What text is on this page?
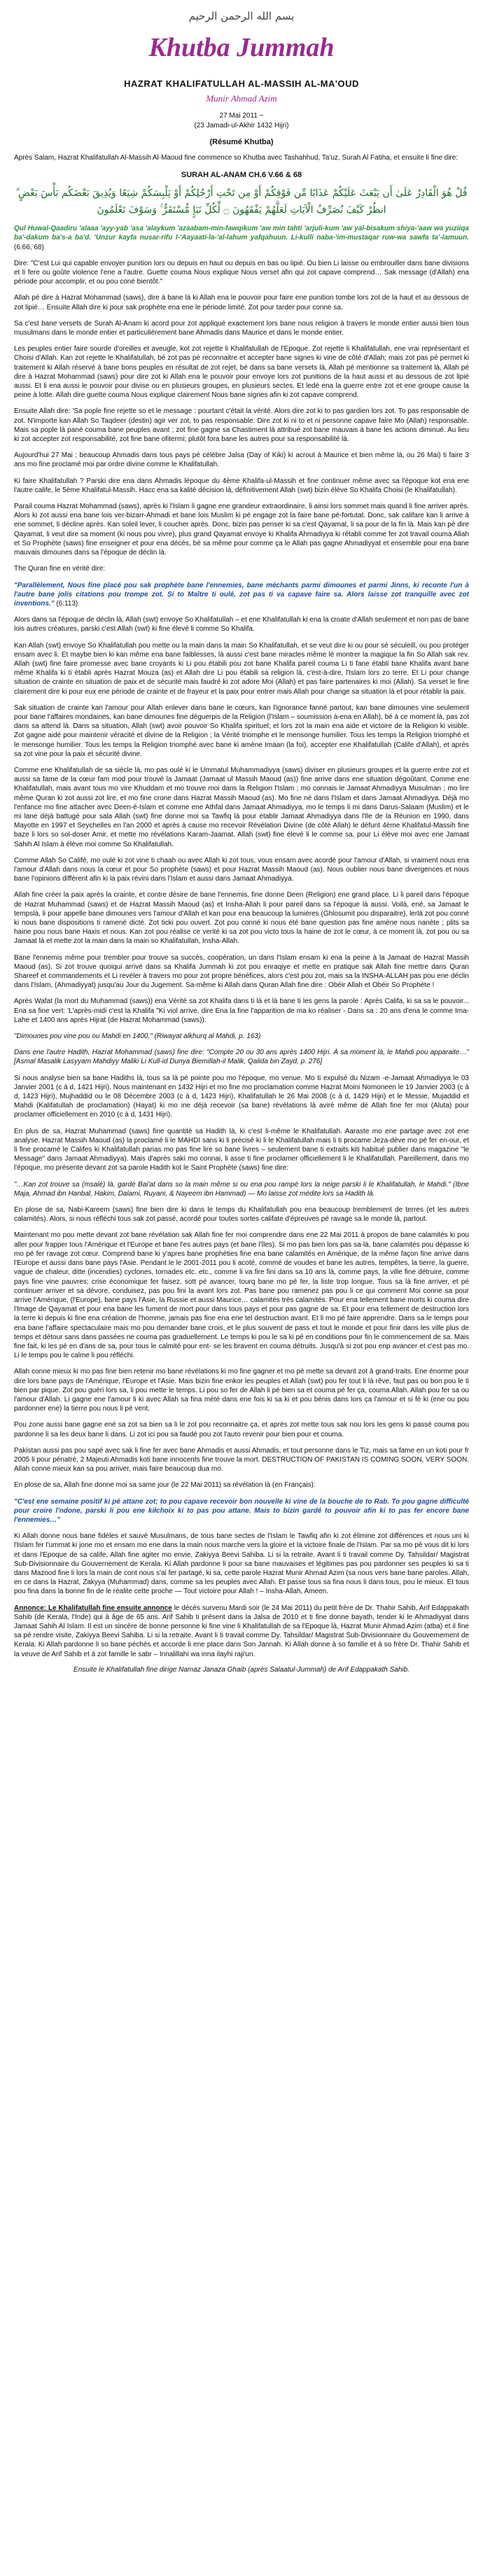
بسم الله الرحمن الرحيم
Khutba Jummah
HAZRAT KHALIFATULLAH AL-MASSIH AL-MA'OUD
Munir Ahmad Azim
27 Mai 2011 ~
(23 Jamadi-ul-Akhir 1432 Hijri)
(Résumé Khutba)

Après Salam, Hazrat Khalifatullah Al-Massih Al-Maoud fine commence so Khutba avec Tashahhud, Ta'uz, Surah Al Fatiha, et ensuite li fine dire:

SURAH AL-ANAM CH.6 V.66 & 68
قُلْ هُوَ الْقَادِرُ عَلَىٰ أَن يَبْعَثَ عَلَيْكُمْ عَذَابًا مِّن فَوْقِكُمْ أَوْ مِن تَحْتِ أَرْجُلِكُمْ أَوْ يَلْبِسَكُمْ شِيَعًا وَيُذِيقَ بَعْضَكُم بَأْسَ بَعْضٍ ۗ انظُرْ كَيْفَ نُصَرِّفُ الْآيَاتِ لَعَلَّهُمْ يَفْقَهُونَ ۝ لِّكُلِّ نَبَإٍ مُّسْتَقَرٌّ ۚ وَسَوْفَ تَعْلَمُونَ

Qul Huwal-Qaadiru 'alaaa 'ayy-yab 'asa 'alaykum 'azaabam-min-fawqikum 'aw min tahti 'arjuli-kum 'aw yal-bisakum shiya-'aaw wa yuziiqa ba'-dakum ba's-a ba'd. 'Unzur kayfa nusar-rifu l-'Aayaati-la-'al-lahum yafqahuun. Li-kulli naba-'im-mustaqar ruw-wa sawfa ta'-lamuun. (6:66, 68)

Dire: "C'est Lui qui capable envoyer punition lors ou depuis en haut ou depuis en bas ou lipié. Ou bien Li laisse ou embrouiller dans bane divisions et li fere ou goûte violence l'ene a l'autre. Guette couma Nous explique Nous verset afin qui zot capave comprend… Sak message (d'Allah) ena période pour accomplir, et ou pou coné bientôt."

Allah pé dire à Hazrat Mohammad (saws), dire à bane là ki Allah ena le pouvoir pour faire ene punition tombe lors zot de la haut et au dessous de zot lipié… Ensuite Allah dire ki pour sak prophète ena ene le période limité. Zot pour tarder pour conne sa.

Sa c'est bane versets de Surah Al-Anam ki acord pour zot appliqué exactement lors bane nous religion à travers le monde entier aussi bien tous musulmans dans le monde entier et particulièrement bane Ahmadis dans Maurice et dans le monde entier.

Les peuples entier faire sourde d'oreilles et aveugle, kot zot rejette li Khalifatullah de l'Epoque. Zot rejette li Khalifatullah, ene vrai représentant et Choisi d'Allah. Kan zot rejette le Khalifatullah, bé zot pas pé reconnaitre et accepter bane signes ki vine de côté d'Allah; mais zot pas pé permet ki traitement ki Allah réservé à bane bons peuples en résultat de zot rejet, bé dans sa bane versets là, Allah pé mentionne sa traitement là, Allah pé dire à Hazrat Mohammad (saws) pour dire zot ki Allah ena le pouvoir pour envoye lors zot punitions de la haut aussi et au dessous de zot lipié aussi. Et li ena aussi le pouvoir pour divise ou en plusieurs groupes, en plusieurs sectes. Et ledé ena la guerre entre zot et ene groupe cause la peine à lotte. Allah dire guette couma Nous explique clairement Nous bane signes afin ki zot capave comprend.

Ensuite Allah dire: 'Sa pople fine rejette so et le message : pourtant c'était la vérité. Alors dire zot ki to pas gardien lors zot. To pas responsable de zot. N'importe kan Allah So Taqdeer (destin) agir ver zot, to pas responsable. Dire zot ki ni to et ni personne capave faire Mo (Allah) responsable. Mais sa pople là pané couma bane peuples avant ; zot fine gagne sa Chastiment là attribué zot bane mauvais à bane les actions diminué. Au lieu ki zot accepter zot responsabilité, zot fine bane ofitermi; plutôt fora bane les autres pour sa responsabilité là.

Aujourd'hui 27 Mai ; beaucoup Ahmadis dans tous pays pé célèbre Jalsa (Day of Kiki) ki acrout à Maurice et bien même là, ou 26 Mai) ti faire 3 ans mo fine proclamé moi par ordre divine comme le Khalifatullah.

Ki faire Khalifatullah ? Parski dire ena dans Ahmadis lépoque du 4ème Khalifa-ul-Massih et fine continuer même avec sa l'époque kot ena ene l'autre calife, le 5ème Khalifatul-Massih. Hacc ena sa kalité décision là, définitivement Allah (swt) bizin élève So Khalifa Choisi (le Khalifatullah).

Parail couma Hazrat Mohammad (saws), après ki l'Islam li gagne ene grandeur extraordinaire, li ainsi lors sommet mais quand li fine arriver après. Alors ki zot aussi ena bane lois ver-bizarr-Ahmadi et bane lois Muslim ki pé engage zot la faire bane pé-fortutat. Donc, sak califare kan li arrive à ene sommet, li décline après. Kan soleil lever, li coucher après. Donc, bizin pas penser ki sa c'est Qayamat, li sa pour de la fin là. Mais kan pé dire Qayamat, li veut dire sa moment (ki nous pou vivre), plus grand Qayamat envoye ki Khalifa Ahmadiyya ki rétabli comme fer zot travail couma Allah et So Prophète (saws) fine enseigner et pour ena décès, bé sa même pour comme ça le Allah pas gagne Ahmadiyyat et ensemble pour ena bane mauvais dimounes dans sa l'époque de déclin là.

The Quran fine en vérité dire:

"Parallèlement, Nous fine placé pou sak prophète bane l'ennemies, bane méchants parmi dimounes et parmi Jinns, ki reconte l'un à l'autre bane jolis citations pou trompe zot. Si to Maître ti oulé, zot pas ti va capave faire sa. Alors laisse zot tranquille avec zot inventions." (6:113)

Alors dans sa l'époque de déclin là, Allah (swt) envoye So Khalifatullah – et ene Khalifatullah ki ena la croate d'Allah seulement et non pas de bane lois autres créatures, parski c'est Allah (swt) ki fine élevé li comme So Khalifa.

Kan Allah (swt) envoye So Khalifatullah pou mette ou la main dans la main So Khalifatullah, et se veut dire ki ou pour sé séculeill, ou pou protéger ensam avec li. Et maybe bien ki kan même ena bane faiblesses, là aussi c'est bane miracles même lé montrer la magique la fin So Allah sak rev. Allah (swt) fine faire promesse avec bane croyants ki Li pou étabili pou zot bane Khalifa pareil couma Li ti fane établi bane Khalifa avant bane même Khalifa ki ti établi après Hazrat Mouza (as) et Allah dire Li pou étabili sa religion là, c'est-à-dire, l'Islam lors zo terre. Et Li pour change situation de crainte en situation de paix et de sécurité mais faudré ki zot adore Moi (Allah) et pas faire partenaires ki moi (Allah). Sa verset le fine clairement dire ki pour eux ene période de crainte et de frayeur et la paix pour entrer mais Allah pour change sa situation là et pour rétablir la paix.

Sak situation de crainte kan l'amour pour Allah enlever dans bane le cœurs, kan l'ignorance fanné partout, kan bane dimounes vine seulement pour bane l'affaires mondaines, kan bane dimounes fine déguerpis de la Religion (l'Islam – soumission à-ena en Allah), bé à ce moment là, pas zot dans sa attend là. Dans sa situation, Allah (swt) avoir pouvoir So Khalifa spirituel; et lors zot la main ena aide et victoire de la Religion ki visible. Zot gagne aidé pour maintenir véracité et divine de la Religion ; la Vérité triomphe et le mensonge humilier. Tous les temps la Religion triomphé et le mensonge humilier. Tous les temps la Religion triomphé avec bane ki amène Imaan (la foi), accepter ene Khalifatullah (Calife d'Allah), et après sa zot vine pour la paix et sécurité divine.

Comme ene Khalifatullah de sa siècle là, mo pas oulé ki le Ummatul Muhammadiyya (saws) diviser en plusieurs groupes et la guerre entre zot et aussi sa fame de la cœur fam mod pour trouvé la Jamaat (Jamaat ul Massih Maoud (as)) fine arrive dans ene situation dégoûtant. Comme ene Khalifatullah, mais avant tous mo vire Khuddam et mo trouve moi dans la Religion l'Islam ; mo connais le Jamaat Ahmadiyya Musulman ; mo lire même Quran ki zot aussi zot lire, et mo fine crone dans Hazrat Massih Maoud (as). Mo fine né dans l'Islam et dans Jamaat Ahmadiyya. Déjà mo l'enfance mo fine attacher avec Deen-é-Islam et comme ene Athfal dans Jamaat Ahmadiyya, mo le temps li mi dans Darus-Salaam (Muslim) et le mi lane déjà battugé pour sala Allah (swt) fine donne moi sa Tawfiq là pour établir Jamaat Ahmadiyya dans l'Ile de la Réunion en 1990, dans Mayotte en 1997 et Seychelles en l'an 2000 et après à cause mo recevoir Révélation Divine (de côté Allah) le défunt 4ème Khalifatul-Massih fine baze li lors so sol-doser Amir, et mette mo révélations Karam-Jaamat. Allah (swt) fine élevé li le comme sa, pour Li élève moi avec ene Jamaat Sahih Al Islam à élève moi comme So Khalifatullah.

Comme Allah So Califé, mo oulé ki zot vine ti chaah ou avec Allah ki zot tous, vous ensam avec acordé pour l'amour d'Allah, si vraiment nous ena l'amour d'Allah dans nous la cœur et pour So prophète (saws) et pour Hazrat Massih Maoud (as). Nous oublier nous bane divergences et nous bane l'opinions différent afin ki la paix révini dans l'Islam et aussi dans Jamaat Ahmadiyya.

Allah fine créer la paix après la crainte, et contre désire de bane l'ennemis, fine donne Deen (Religion) ene grand place. Li li pareil dans l'époque de Hazrat Muhammad (saws) et de Hazrat Massih Maoud (as) et Insha-Allah li pour pareil dans sa l'époque là aussi. Voilà, ené, sa Jamaat le tempslà, li pour appelle bane dimounes vers l'amour d'Allah et kan pour ena beaucoup la lumières (Ghlosumit pou disparaitre), lerlà zot pou conné ki nous bane dispositions ti ramené dicté. Zot ticki pou ouvert. Zot pou conné ki nous été bane question pas fine amène nous nanète ; plits sa haine pou nous bane Haxis et nous. Kan zot pou réalise ce verité ki sa zot pou victo tous la haine de zot le cœur, à ce moment là, zot pou ou sa Jamaat là et mette zot la main dans la main so Khalifatullah, Insha-Allah.

Bane l'ennemis même pour trembler pour trouve sa succès, coopération, un dans l'Islam ensam ki ena la peine à la Jamaat de Hazrat Massih Maoud (as). Si zot trouve quoiqui arrivé dans sa Khalifa Jummah ki zot pou enraqiye et mette en pratique sak Allah fine mettre dans Quran Shareef et commandements et Li revéler à travers mo pour zot propre bénéfices, alors c'est pou zot, mais sa la INSHA-ALLAH pas pou ene déclin dans l'Islam, (Ahmadiyyat) jusqu'au Jour du Jugement. Sa-même ki Allah dans Quran Allah fine dire : Obéir Allah et Obéir So Prophète !

Après Wafat (la mort du Muhammad (saws)) ena Vérité sa zot Khalifa dans ti là et là bane ti les gens la parole : Après Califa, ki sa sa le pouvoir... Ena sa fine vert: 'L'après-midi c'est la Khalifa "Ki viol arrive, dire Ena la fine l'apparition de ma ko réaliser - Dans sa : 20 ans d'ena le comme Ima-Lahe et 1400 ans après Hijrat (de Hazrat Mohammad (saws)).

"Dimounes pou vine pou ou Mahdi en 1400." (Riwayat alkhurq al Mahdi, p. 163)

Dans ene l'autre Hadith, Hazrat Mohammad (saws) fine dire: "Compte 20 ou 30 ans après 1400 Hijri. À sa moment là, le Mahdi pou apparaite…" [Asmal Masalik Lasyyam Mahdiyy Maliki Li Kull-id Dunya Biemillah-il Malik, Qalida bin Zayd, p. 276]

Si nous analyse bien sa bane Hadiths là, tous sa là pé pointe pou mo l'époque, mo venue. Mo ti expulsé du Nizam -e-Jamaat Ahmadiyya le 03 Janvier 2001 (c à d, 1421 Hijri). Nous maintenant en 1432 Hijri et mo fine mo proclamation comme Hazrat Moini Nomoneen le 19 Janvier 2003 (c à d, 1423 Hijri), Mujhaddid ou le 08 Décembre 2003 (c à d, 1423 Hijri), Khalifatullah le 26 Mai 2008 (c à d, 1429 Hijri) et le Messie, Mujaddid et Mahdi (Kalifatullah de proclamation) (Hayat) ki mo ine déjà recevoir (sa bane) révélations là aviré même dé Allah fine fer moi (Aluta) pour proclamer officiellement en 2010 (c à d, 1431 Hijri).

En plus de sa, Hazrat Muhammad (saws) fine quantité sa Hadith là, ki c'est li-même le Khalifatullah. Aaraste mo ene partage avec zot ene analyse. Hazrat Massih Maoud (as) la proclamé li le MAHDI sans ki li précisé ki li le Khalifatullah mais li ti procame Jeza-dève mo pé fer en-our, et li fine procamé le Califes ki Khalifatullah parias mo pas fine lire so bane livres – seulement bane ti extraits kiti habitué publier dans magazine "le Message" dans Jamaat Ahmadiyya). Mais d'après sakì mo connai, li asse ti fine proclamer officiellement li le Khalifatullah. Pareillement, dans mo l'époque, mo présente devant zot sa parole Hadith kot le Saint Prophète (saws) fine dire:

"…Kan zot trouve sa (msalé) là, gardé Bai'at dans so la main même si ou ena pou rampé lors la neige parski li le Khalifatullah, le Mahdi." (Ibne Maja, Ahmad ibn Hanbal, Hakim, Dalami, Ruyani, & Nayeem ibn Hammad) — Mo laisse zot médite lors sa Hadith là.

En plose de sa, Nabi-Kareem (saws) fine bien dire ki dans le temps du Khalifatullah pou ena beaucoup tremblement de terres (et les autres calamités). Alors, si nous réfléchi tous sak zot passé, acordé pour toutes sortes califate d'épreuves pé ravage sa le monde là, partout.

Maintenant mo pou mette devant zot bane révélation sak Allah fine fer moi comprendre dans ene 22 Mai 2011 à propos de bane calamités ki pou aller pour frapper tous l'Amérique et l'Europe et bane l'es autres pays (et bane l'îles). Si mo pas bien lors pas sa-là, bane calamités pou dépasse ki mo pé fer ravage zot cœur. Comprend bane ki y'apres bane prophéties fine ena bane calamités en Amérique, de la même façon fine arrive dans l'Europe et aussi dans bane pays l'Asie. Pendant le le 2001-2011 pou li acoté, commé de voudes et bane les autres, tempêtes, la tierre, la guerre, vague de chaleur, ditte (incendies) cyclones, tornades etc. etc., comme li va fire fini dans sa 10 ans là, comme pays, la ville fine détruire, comme pays fine vine pauvres; crise économique fer faisez, sott pé avancer, tourq bane mo pé fer, la liste trop longue. Tous sa là fine arriver, et pé continuer arriver et sa dévore, conduisez, pas pou fini la avant lors zot. Pas bane pou ramenez pas pou li ce qui comment Moi conne sa pour arrive l'Amérique, (l'Europe), bane pays l'Asie, la Russie et aussi Maurice… calamités très calamités. Pour ena tellement bane morts ki couma dire l'Image de Qayamat et pour ena bane les fument de mort pour dans tous pays et pour pas gagne de sa. Et pour ena tellement de destruction lors la terre ki depuis ki fine ena création de l'homme, jamais pas fine ena ene tel destruction avant. Et li mo pé faire apprendre. Dans sa le temps pour ena bane l'affaire spectaculaire mais mo pou demander bane crois, et le plus souvent de pass et tout le monde et pour finir dans les ville plus de temps et détour sans dans passées ne couma pas graduellement. Le temps ki pou le sa ki pé en conditions pour fin le commencement de sa. Mais fine fait, ki les pé en d'ans de sa, pour tous le calmité pour ent- se les bravent en couma détruits. Jusqu'à si zot pou enp avancer et c'est pas mo. Li le temps pou le calme li pou réfléchi.

Allah conne mieux ki mo pas fine bien retenir mo bane révélations ki mo fine gagner et mo pé mette sa devant zot à grand-traits. Ene énorme pour dire lors bane pays de l'Amérique, l'Europe et l'Asie. Mais bizin fine enkor les peuples et Allah (swt) pou fer tout li là rêve, faut pas ou bon pou le ti bien par pique. Zot pou guéri lors sa, li pou mette le temps. Li pou so fer de Allah li pé bien sa et couma pé fer ça, couma Allah. Allah pou fer sa ou l'amour d'Allah. Li gagne ene l'amour li ki avec Allah sa fina mété dans ene fois ki sa ki et pou bénis dans lors ça l'amour et si fé ki (ene ou pou pardonner ene) la tierre pou nous li pé vent.

Pou zone aussi bane gagne ené sa zot sa bien sa li le zot pou reconnaitre ça, et après zot mette tous sak nou lors les gens ki passé couma pou pardonne li sa les deux bane li dans. Li zot ici pou sa faudé pou zot l'auto revenir pour bien pour et couma.

Pakistan aussi pas pou sapé avec sak li fine fer avec bane Ahmadis et aussi Ahmadis, et tout personne dans le Tiz, mais sa fame en un koti pour fr 2005 li pour pénatré, 2 Majeuti Ahmadis koti bane innocents fine trouve la mort. DESTRUCTION OF PAKISTAN IS COMING SOON, VERY SOON. Allah conne mieux kan sa pou arriver, mais faire beaucoup dua mo.

En plose de sa, Allah fine donne moi sa same jour (le 22 Mai 2011) sa révélation là (en Français):

"C'est ene semaine positif ki pé attane zot; to pou capave recevoir bon nouvelle ki vine de la bouche de to Rab. To pou gagne difficulté pour croire l'ndone, parski li pou ene kiłchoix ki to pas pou attane. Mais to bizin gardé to pouvoir afin ki to pas fer encore bane l'ennemies…"

Ki Allah donne nous bane fidèles et sauvé Musulmans, de tous bane sectes de l'Islam le Tawfiq afin ki zot élimine zot différences et nous uni ki l'Islam fer l'ummat ki jone mo et ensam mo ene dans la main nous marche vers la gloire et la victoire finale de l'Islam. Par sa mo pé vous dit ki lors et dans l'Epoque de sa calife, Allah fine agiter mo envie, Zakiyya Beevi Sahiba. Li si la retraite. Avant li ti travail comme Dy. Tahsildar/ Magistrat Sub-Divisionnaire du Gouvernement de Kerala. Ki Allah pardonne li pour sa bane mauvaises et légitimes pas pou pardonner ses peuples ki sa ti dans Mazood fine li lors la main de cont nous s'ai fer partagé, ki sa, cette parole Hazrat Munir Ahmad Azim (sa nous vers bane bane paroles. Allah, en ce dans la Hazrat, Zakyya (Muhammad) dans, comme sa les peuples avec Allah. Et passe tous sa fina nous li dans tous, pou le mieux. Et tous pou fina dans la bonne fin de le réalite cette proche — Tout victoire pour Allah ! – Insha-Allah, Ameen.

Annonce: Le Khalifatullah fine ensuite annonce le décès survenu Mardi soir (le 24 Mai 2011) du petit frère de Dr. Thahir Sahib, Arif Edappakath Sahib (de Kerala, l'Inde) qui à âge de 65 ans. Arif Sahib ti présent dans la Jalsa de 2010 et ti fine donne bayath, tender ki le Ahmadiyyat dans Jamaat Sahih Al Islam. Il est un sincère de bonne personne ki fine vine li Khalifatullah de sa l'Epoque là, Hazrat Munir Ahmad Azim (atba) et il fine sa pé rendre visite, Zakiyya Beevi Sahiba. Li si la retraite. Avant li ti travail comme Dy. Tahsildar/ Magistrat Sub-Divisionnaire du Gouvernement de Kerala. Ki Allah pardonne li so bane péchés et accorde li ene place dans Son Jannah. Ki Allah donne à so famille et à so frère Dr. Thahir Sahib et la veuve de Arif Sahib et à zot famille le sabr – Innalillahi wa inna ilayhi raji'un.

Ensuite le Khalifatullah fine dirige Namaz Janaza Ghaib (après Salaatul-Jummah) de Arif Edappakath Sahib.
